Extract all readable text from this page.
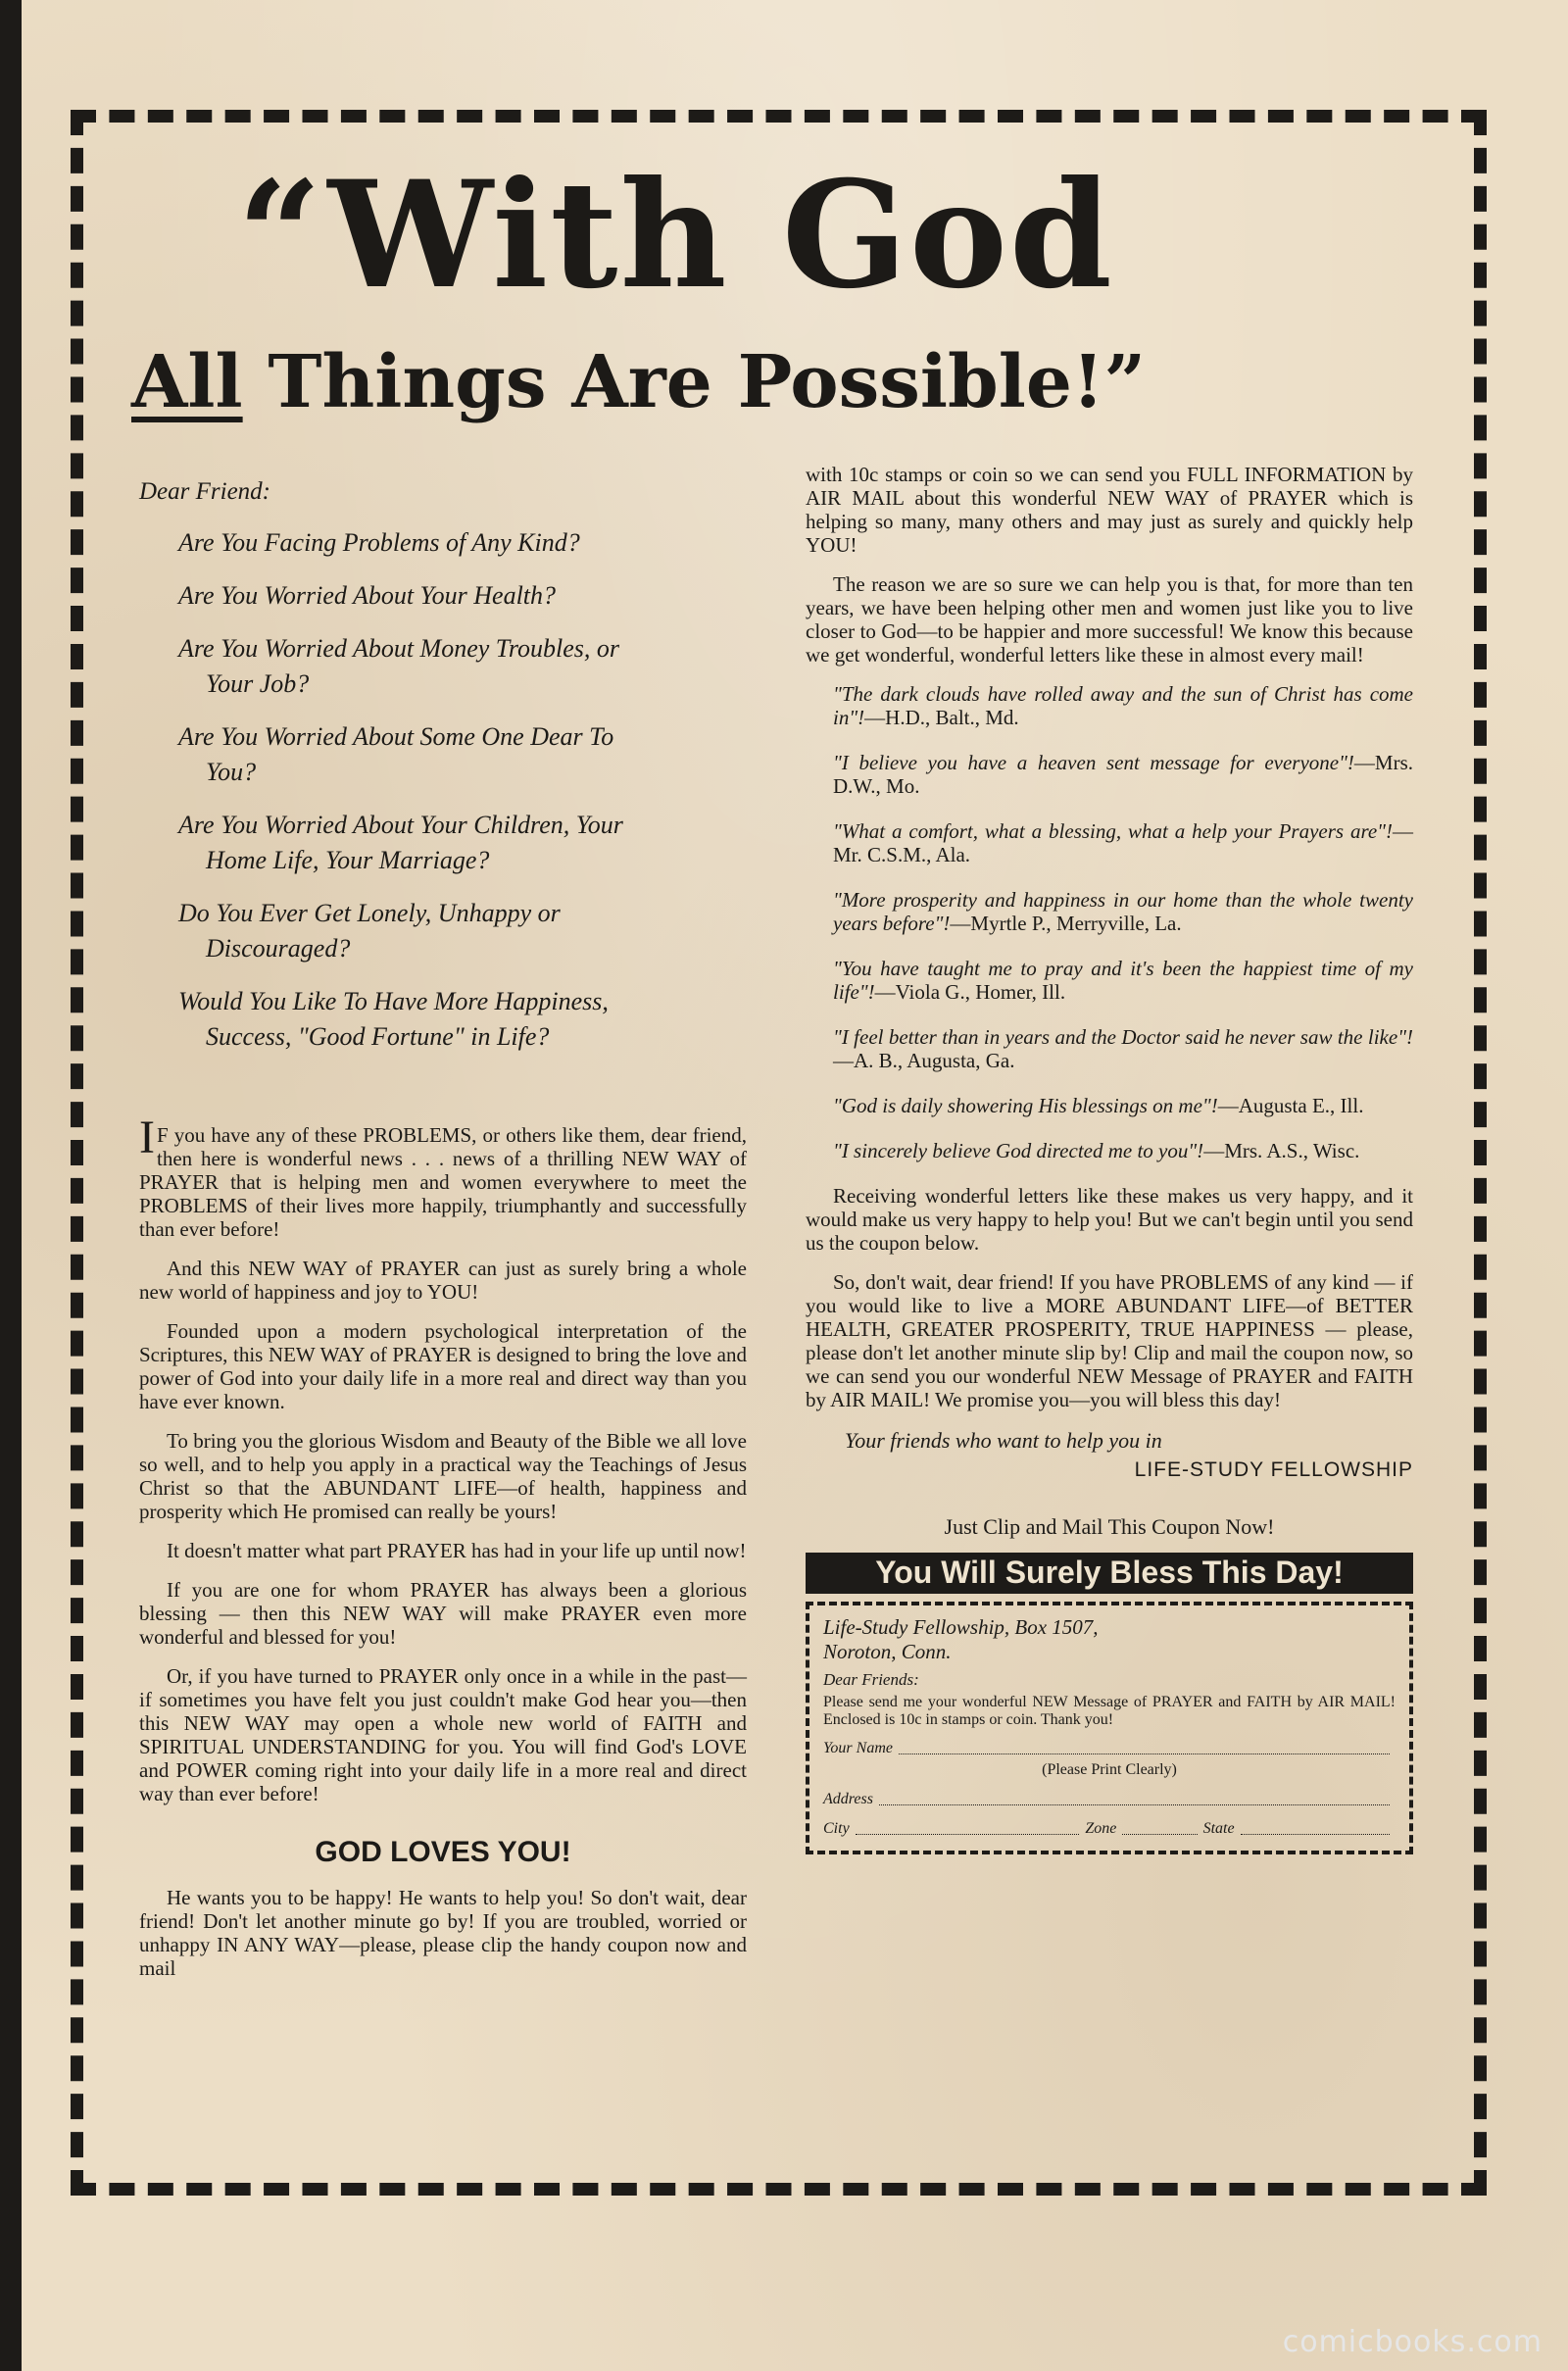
“With God
All Things Are Possible!”
Dear Friend:
Are You Facing Problems of Any Kind?
Are You Worried About Your Health?
Are You Worried About Money Troubles, or
Your Job?
Are You Worried About Some One Dear To
You?
Are You Worried About Your Children, Your
Home Life, Your Marriage?
Do You Ever Get Lonely, Unhappy or
Discouraged?
Would You Like To Have More Happiness,
Success, "Good Fortune" in Life?

I F you have any of these PROBLEMS, or others like them, dear friend, then here is wonderful news . . . news of a thrilling NEW WAY of PRAYER that is helping men and women everywhere to meet the PROBLEMS of their lives more happily, triumphantly and successfully than ever before!

And this NEW WAY of PRAYER can just as surely bring a whole new world of happiness and joy to YOU!

Founded upon a modern psychological interpretation of the Scriptures, this NEW WAY of PRAYER is designed to bring the love and power of God into your daily life in a more real and direct way than you have ever known.

To bring you the glorious Wisdom and Beauty of the Bible we all love so well, and to help you apply in a practical way the Teachings of Jesus Christ so that the ABUNDANT LIFE—of health, happiness and prosperity which He promised can really be yours!

It doesn't matter what part PRAYER has had in your life up until now!

If you are one for whom PRAYER has always been a glorious blessing — then this NEW WAY will make PRAYER even more wonderful and blessed for you!

Or, if you have turned to PRAYER only once in a while in the past—if sometimes you have felt you just couldn't make God hear you—then this NEW WAY may open a whole new world of FAITH and SPIRITUAL UNDERSTANDING for you. You will find God's LOVE and POWER coming right into your daily life in a more real and direct way than ever before!

GOD LOVES YOU!

He wants you to be happy! He wants to help you! So don't wait, dear friend! Don't let another minute go by! If you are troubled, worried or unhappy IN ANY WAY—please, please clip the handy coupon now and mail

with 10c stamps or coin so we can send you FULL INFORMATION by AIR MAIL about this wonderful NEW WAY of PRAYER which is helping so many, many others and may just as surely and quickly help YOU!

The reason we are so sure we can help you is that, for more than ten years, we have been helping other men and women just like you to live closer to God—to be happier and more successful! We know this because we get wonderful, wonderful letters like these in almost every mail!

"The dark clouds have rolled away and the sun of Christ has come in"!—H.D., Balt., Md.
"I believe you have a heaven sent message for everyone"!—Mrs. D.W., Mo.
"What a comfort, what a blessing, what a help your Prayers are"!—Mr. C.S.M., Ala.
"More prosperity and happiness in our home than the whole twenty years before"!—Myrtle P., Merryville, La.
"You have taught me to pray and it's been the happiest time of my life"!—Viola G., Homer, Ill.
"I feel better than in years and the Doctor said he never saw the like"!—A. B., Augusta, Ga.
"God is daily showering His blessings on me"!—Augusta E., Ill.
"I sincerely believe God directed me to you"!—Mrs. A.S., Wisc.

Receiving wonderful letters like these makes us very happy, and it would make us very happy to help you! But we can't begin until you send us the coupon below.

So, don't wait, dear friend! If you have PROBLEMS of any kind — if you would like to live a MORE ABUNDANT LIFE—of BETTER HEALTH, GREATER PROSPERITY, TRUE HAPPINESS — please, please don't let another minute slip by! Clip and mail the coupon now, so we can send you our wonderful NEW Message of PRAYER and FAITH by AIR MAIL! We promise you—you will bless this day!

Your friends who want to help you in
LIFE-STUDY FELLOWSHIP
Just Clip and Mail This Coupon Now!
You Will Surely Bless This Day!
Life-Study Fellowship, Box 1507,
Noroton, Conn.
Dear Friends:
Please send me your wonderful NEW Message of PRAYER and FAITH by AIR MAIL! Enclosed is 10c in stamps or coin. Thank you!
Your Name
(Please Print Clearly)
Address
City	Zone	State
comicbooks.com
